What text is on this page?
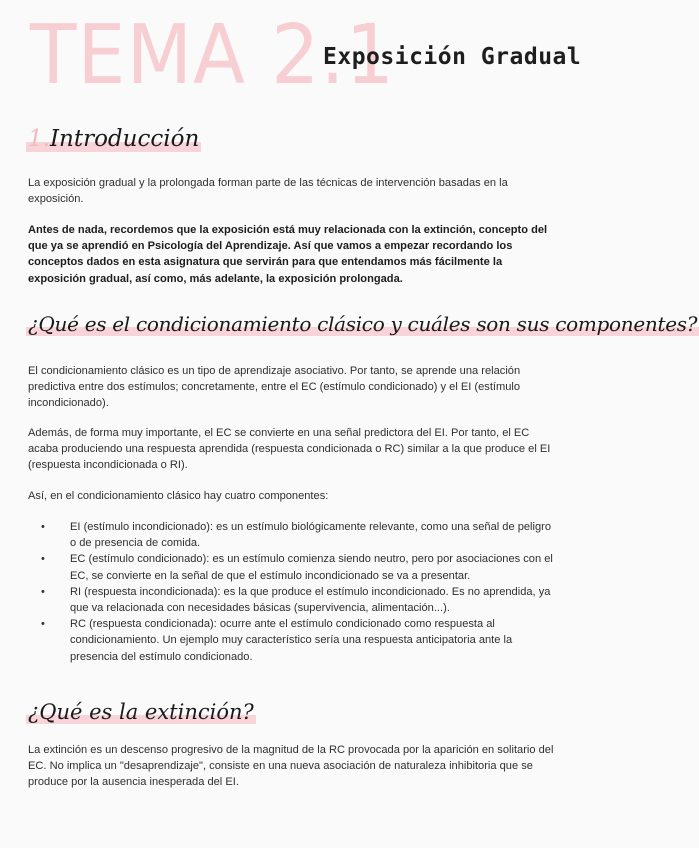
TEMA 2.1
Exposición Gradual
1.Introducción

La exposición gradual y la prolongada forman parte de las técnicas de intervención basadas en la exposición.

Antes de nada, recordemos que la exposición está muy relacionada con la extinción, concepto del que ya se aprendió en Psicología del Aprendizaje. Así que vamos a empezar recordando los conceptos dados en esta asignatura que servirán para que entendamos más fácilmente la exposición gradual, así como, más adelante, la exposición prolongada.

¿Qué es el condicionamiento clásico y cuáles son sus componentes?

El condicionamiento clásico es un tipo de aprendizaje asociativo. Por tanto, se aprende una relación predictiva entre dos estímulos; concretamente, entre el EC (estímulo condicionado) y el EI (estímulo incondicionado).

Además, de forma muy importante, el EC se convierte en una señal predictora del EI. Por tanto, el EC acaba produciendo una respuesta aprendida (respuesta condicionada o RC) similar a la que produce el EI (respuesta incondicionada o RI).

Así, en el condicionamiento clásico hay cuatro componentes:

• EI (estímulo incondicionado): es un estímulo biológicamente relevante, como una señal de peligro o de presencia de comida.
• EC (estímulo condicionado): es un estímulo comienza siendo neutro, pero por asociaciones con el EC, se convierte en la señal de que el estímulo incondicionado se va a presentar.
• RI (respuesta incondicionada): es la que produce el estímulo incondicionado. Es no aprendida, ya que va relacionada con necesidades básicas (supervivencia, alimentación...).
• RC (respuesta condicionada): ocurre ante el estímulo condicionado como respuesta al condicionamiento. Un ejemplo muy característico sería una respuesta anticipatoria ante la presencia del estímulo condicionado.
¿Qué es la extinción?

La extinción es un descenso progresivo de la magnitud de la RC provocada por la aparición en solitario del EC. No implica un "desaprendizaje", consiste en una nueva asociación de naturaleza inhibitoria que se produce por la ausencia inesperada del EI.
